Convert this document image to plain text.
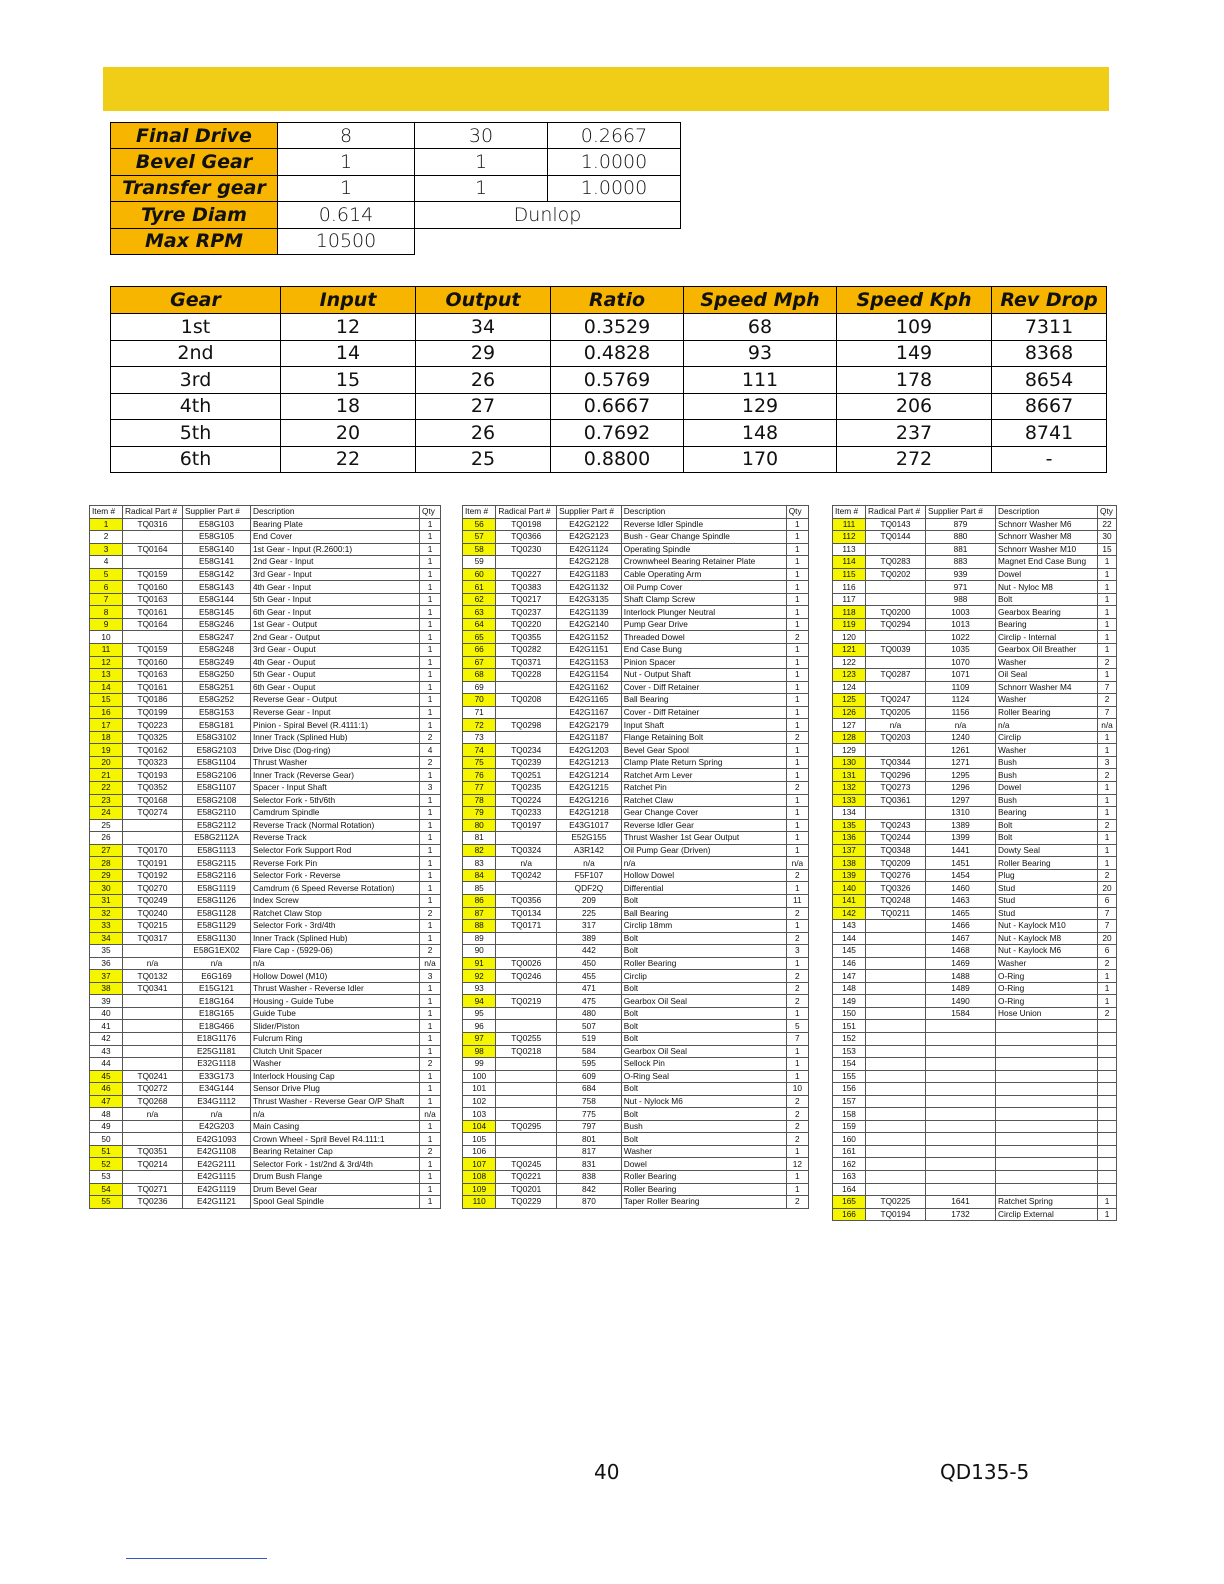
Final Drive	8	30	0.2667
Bevel Gear	1	1	1.0000
Transfer gear	1	1	1.0000
Tyre Diam	0.614	Dunlop	
Max RPM	10500		
Gear	Input	Output	Ratio	Speed Mph	Speed Kph	Rev Drop
1st	12	34	0.3529	68	109	7311
2nd	14	29	0.4828	93	149	8368
3rd	15	26	0.5769	111	178	8654
4th	18	27	0.6667	129	206	8667
5th	20	26	0.7692	148	237	8741
6th	22	25	0.8800	170	272	-
Item #	Radical Part #	Supplier Part #	Description	Qty
1	TQ0316	E58G103	Bearing Plate	1
2		E58G105	End Cover	1
3	TQ0164	E58G140	1st Gear - Input (R.2600:1)	1
4		E58G141	2nd Gear - Input	1
5	TQ0159	E58G142	3rd Gear - Input	1
6	TQ0160	E58G143	4th Gear - Input	1
7	TQ0163	E58G144	5th Gear - Input	1
8	TQ0161	E58G145	6th Gear - Input	1
9	TQ0164	E58G246	1st Gear - Output	1
10		E58G247	2nd Gear - Output	1
11	TQ0159	E58G248	3rd Gear - Ouput	1
12	TQ0160	E58G249	4th Gear - Ouput	1
13	TQ0163	E58G250	5th Gear - Ouput	1
14	TQ0161	E58G251	6th Gear - Ouput	1
15	TQ0186	E58G252	Reverse Gear - Output	1
16	TQ0199	E58G153	Reverse Gear - Input	1
17	TQ0223	E58G181	Pinion - Spiral Bevel (R.4111:1)	1
18	TQ0325	E58G3102	Inner Track (Splined Hub)	2
19	TQ0162	E58G2103	Drive Disc (Dog-ring)	4
20	TQ0323	E58G1104	Thrust Washer	2
21	TQ0193	E58G2106	Inner Track (Reverse Gear)	1
22	TQ0352	E58G1107	Spacer - Input Shaft	3
23	TQ0168	E58G2108	Selector Fork - 5th/6th	1
24	TQ0274	E58G2110	Camdrum Spindle	1
25		E58G2112	Reverse Track (Normal Rotation)	1
26		E58G2112A	Reverse Track	1
27	TQ0170	E58G1113	Selector Fork Support Rod	1
28	TQ0191	E58G2115	Reverse Fork Pin	1
29	TQ0192	E58G2116	Selector Fork - Reverse	1
30	TQ0270	E58G1119	Camdrum (6 Speed Reverse Rotation)	1
31	TQ0249	E58G1126	Index Screw	1
32	TQ0240	E58G1128	Ratchet Claw Stop	2
33	TQ0215	E58G1129	Selector Fork - 3rd/4th	1
34	TQ0317	E58G1130	Inner Track (Splined Hub)	1
35		E58G1EX02	Flare Cap - (5929-06)	2
36	n/a	n/a	n/a	n/a
37	TQ0132	E6G169	Hollow Dowel (M10)	3
38	TQ0341	E15G121	Thrust Washer - Reverse Idler	1
39		E18G164	Housing - Guide Tube	1
40		E18G165	Guide Tube	1
41		E18G466	Slider/Piston	1
42		E18G1176	Fulcrum Ring	1
43		E25G1181	Clutch Unit Spacer	1
44		E32G1118	Washer	2
45	TQ0241	E33G173	Interlock Housing Cap	1
46	TQ0272	E34G144	Sensor Drive Plug	1
47	TQ0268	E34G1112	Thrust Washer - Reverse Gear O/P Shaft	1
48	n/a	n/a	n/a	n/a
49		E42G203	Main Casing	1
50		E42G1093	Crown Wheel - Spril Bevel R4.111:1	1
51	TQ0351	E42G1108	Bearing Retainer Cap	2
52	TQ0214	E42G2111	Selector Fork - 1st/2nd & 3rd/4th	1
53		E42G1115	Drum Bush Flange	1
54	TQ0271	E42G1119	Drum Bevel Gear	1
55	TQ0236	E42G1121	Spool Geal Spindle	1
Item #	Radical Part #	Supplier Part #	Description	Qty
56	TQ0198	E42G2122	Reverse Idler Spindle	1
57	TQ0366	E42G2123	Bush - Gear Change Spindle	1
58	TQ0230	E42G1124	Operating Spindle	1
59		E42G2128	Crownwheel Bearing Retainer Plate	1
60	TQ0227	E42G1183	Cable Operating Arm	1
61	TQ0383	E42G1132	Oil Pump Cover	1
62	TQ0217	E42G3135	Shaft Clamp Screw	1
63	TQ0237	E42G1139	Interlock Plunger Neutral	1
64	TQ0220	E42G2140	Pump Gear Drive	1
65	TQ0355	E42G1152	Threaded Dowel	2
66	TQ0282	E42G1151	End Case Bung	1
67	TQ0371	E42G1153	Pinion Spacer	1
68	TQ0228	E42G1154	Nut - Output Shaft	1
69		E42G1162	Cover - Diff Retainer	1
70	TQ0208	E42G1165	Ball Bearing	1
71		E42G1167	Cover - Diff Retainer	1
72	TQ0298	E42G2179	Input Shaft	1
73		E42G1187	Flange Retaining Bolt	2
74	TQ0234	E42G1203	Bevel Gear Spool	1
75	TQ0239	E42G1213	Clamp Plate Return Spring	1
76	TQ0251	E42G1214	Ratchet Arm Lever	1
77	TQ0235	E42G1215	Ratchet Pin	2
78	TQ0224	E42G1216	Ratchet Claw	1
79	TQ0233	E42G1218	Gear Change Cover	1
80	TQ0197	E43G1017	Reverse Idler Gear	1
81		E52G155	Thrust Washer 1st Gear Output	1
82	TQ0324	A3R142	Oil Pump Gear (Driven)	1
83	n/a	n/a	n/a	n/a
84	TQ0242	F5F107	Hollow Dowel	2
85		QDF2Q	Differential	1
86	TQ0356	209	Bolt	11
87	TQ0134	225	Ball Bearing	2
88	TQ0171	317	Circlip 18mm	1
89		389	Bolt	2
90		442	Bolt	3
91	TQ0026	450	Roller Bearing	1
92	TQ0246	455	Circlip	2
93		471	Bolt	2
94	TQ0219	475	Gearbox Oil Seal	2
95		480	Bolt	1
96		507	Bolt	5
97	TQ0255	519	Bolt	7
98	TQ0218	584	Gearbox Oil Seal	1
99		595	Sellock Pin	1
100		609	O-Ring Seal	1
101		684	Bolt	10
102		758	Nut - Nylock M6	2
103		775	Bolt	2
104	TQ0295	797	Bush	2
105		801	Bolt	2
106		817	Washer	1
107	TQ0245	831	Dowel	12
108	TQ0221	838	Roller Bearing	1
109	TQ0201	842	Roller Bearing	1
110	TQ0229	870	Taper Roller Bearing	2
Item #	Radical Part #	Supplier Part #	Description	Qty
111	TQ0143	879	Schnorr Washer M6	22
112	TQ0144	880	Schnorr Washer M8	30
113		881	Schnorr Washer M10	15
114	TQ0283	883	Magnet End Case Bung	1
115	TQ0202	939	Dowel	1
116		971	Nut - Nyloc M8	1
117		988	Bolt	1
118	TQ0200	1003	Gearbox Bearing	1
119	TQ0294	1013	Bearing	1
120		1022	Circlip - Internal	1
121	TQ0039	1035	Gearbox Oil Breather	1
122		1070	Washer	2
123	TQ0287	1071	Oil Seal	1
124		1109	Schnorr Washer M4	7
125	TQ0247	1124	Washer	2
126	TQ0205	1156	Roller Bearing	7
127	n/a	n/a	n/a	n/a
128	TQ0203	1240	Circlip	1
129		1261	Washer	1
130	TQ0344	1271	Bush	3
131	TQ0296	1295	Bush	2
132	TQ0273	1296	Dowel	1
133	TQ0361	1297	Bush	1
134		1310	Bearing	1
135	TQ0243	1389	Bolt	2
136	TQ0244	1399	Bolt	1
137	TQ0348	1441	Dowty Seal	1
138	TQ0209	1451	Roller Bearing	1
139	TQ0276	1454	Plug	2
140	TQ0326	1460	Stud	20
141	TQ0248	1463	Stud	6
142	TQ0211	1465	Stud	7
143		1466	Nut - Kaylock M10	7
144		1467	Nut - Kaylock M8	20
145		1468	Nut - Kaylock M6	6
146		1469	Washer	2
147		1488	O-Ring	1
148		1489	O-Ring	1
149		1490	O-Ring	1
150		1584	Hose Union	2
151				
152				
153				
154				
155				
156				
157				
158				
159				
160				
161				
162				
163				
164				
165	TQ0225	1641	Ratchet Spring	1
166	TQ0194	1732	Circlip External	1
40	QD135-5
